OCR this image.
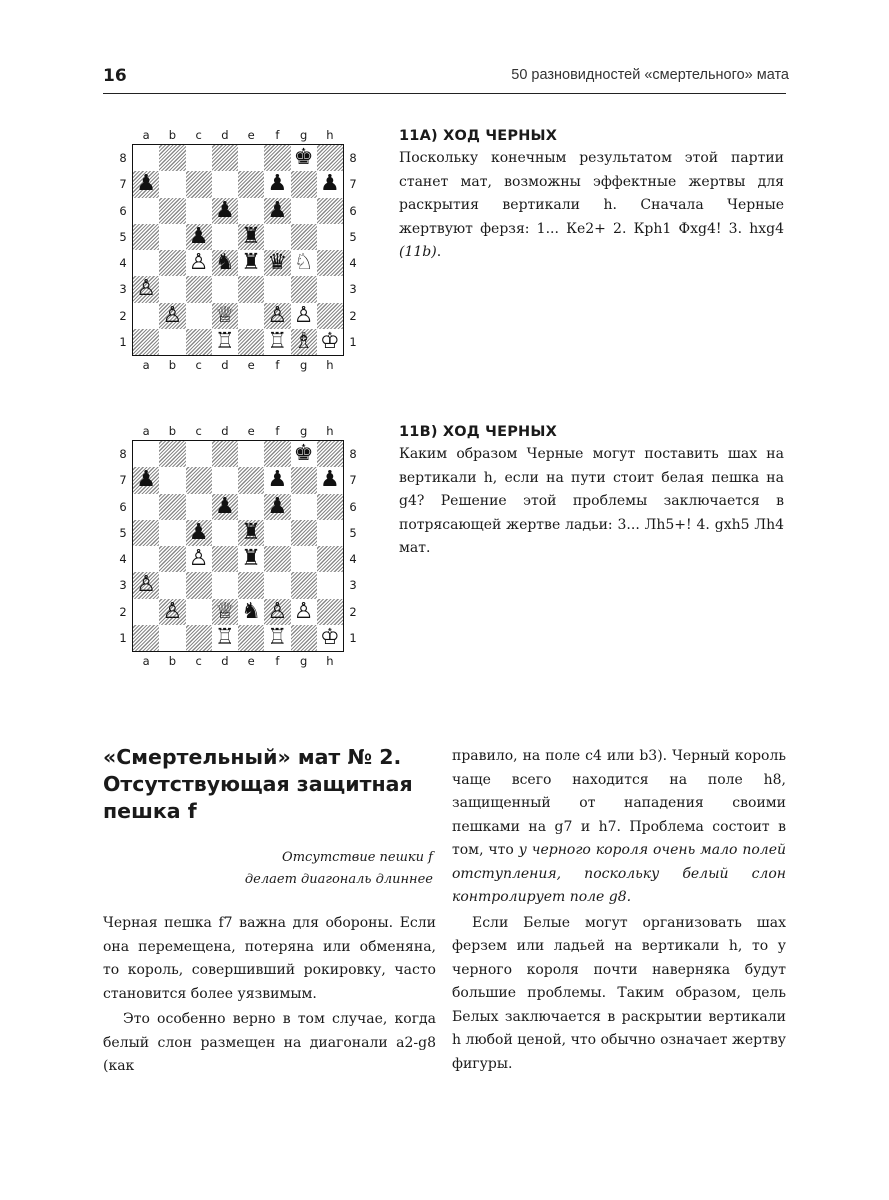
16	50 разновидностей «смертельного» мата
a	b	c	d	e	f	g	h
8
7
6
5
4
3
2
1
♚
♟	♟ ♟
♟ ♟
♟ ♜
♙ ♞ ♜ ♛ ♘
♙
♙ ♕ ♙ ♙
♖ ♖ ♗ ♔
8
7
6
5
4
3
2
1
a	b	c	d	e	f	g	h
11А) ХОД ЧЕРНЫХ

Поскольку конечным результатом этой партии станет мат, возможны эффектные жертвы для раскрытия вертикали h. Сначала Черные жертвуют ферзя: 1... Ке2+ 2. Крh1 Фхg4! 3. hxg4 (11b).

a	b	c	d	e	f	g	h
8
7
6
5
4
3
2
1
♚
♟	♟ ♟
♟ ♟
♟ ♜
♙ ♜
♙
♙ ♕ ♞ ♙ ♙
♖ ♖ ♔
8
7
6
5
4
3
2
1
a	b	c	d	e	f	g	h
11В) ХОД ЧЕРНЫХ

Каким образом Черные могут поставить шах на вертикали h, если на пути стоит белая пешка на g4? Решение этой проблемы заключается в потрясающей жертве ладьи: 3... Лh5+! 4. gxh5 Лh4 мат.

«Смертельный» мат № 2.
Отсутствующая защитная
пешка f
Отсутствие пешки f
делает диагональ длиннее

Черная пешка f7 важна для обороны. Если она перемещена, потеряна или обменяна, то король, совершивший рокировку, часто становится более уязвимым.

Это особенно верно в том случае, когда белый слон размещен на диагонали a2-g8 (как

правило, на поле c4 или b3). Черный король чаще всего находится на поле h8, защищенный от нападения своими пешками на g7 и h7. Проблема состоит в том, что у черного короля очень мало полей отступления, поскольку белый слон контролирует поле g8.

Если Белые могут организовать шах ферзем или ладьей на вертикали h, то у черного короля почти наверняка будут большие проблемы. Таким образом, цель Белых заключается в раскрытии вертикали h любой ценой, что обычно означает жертву фигуры.
